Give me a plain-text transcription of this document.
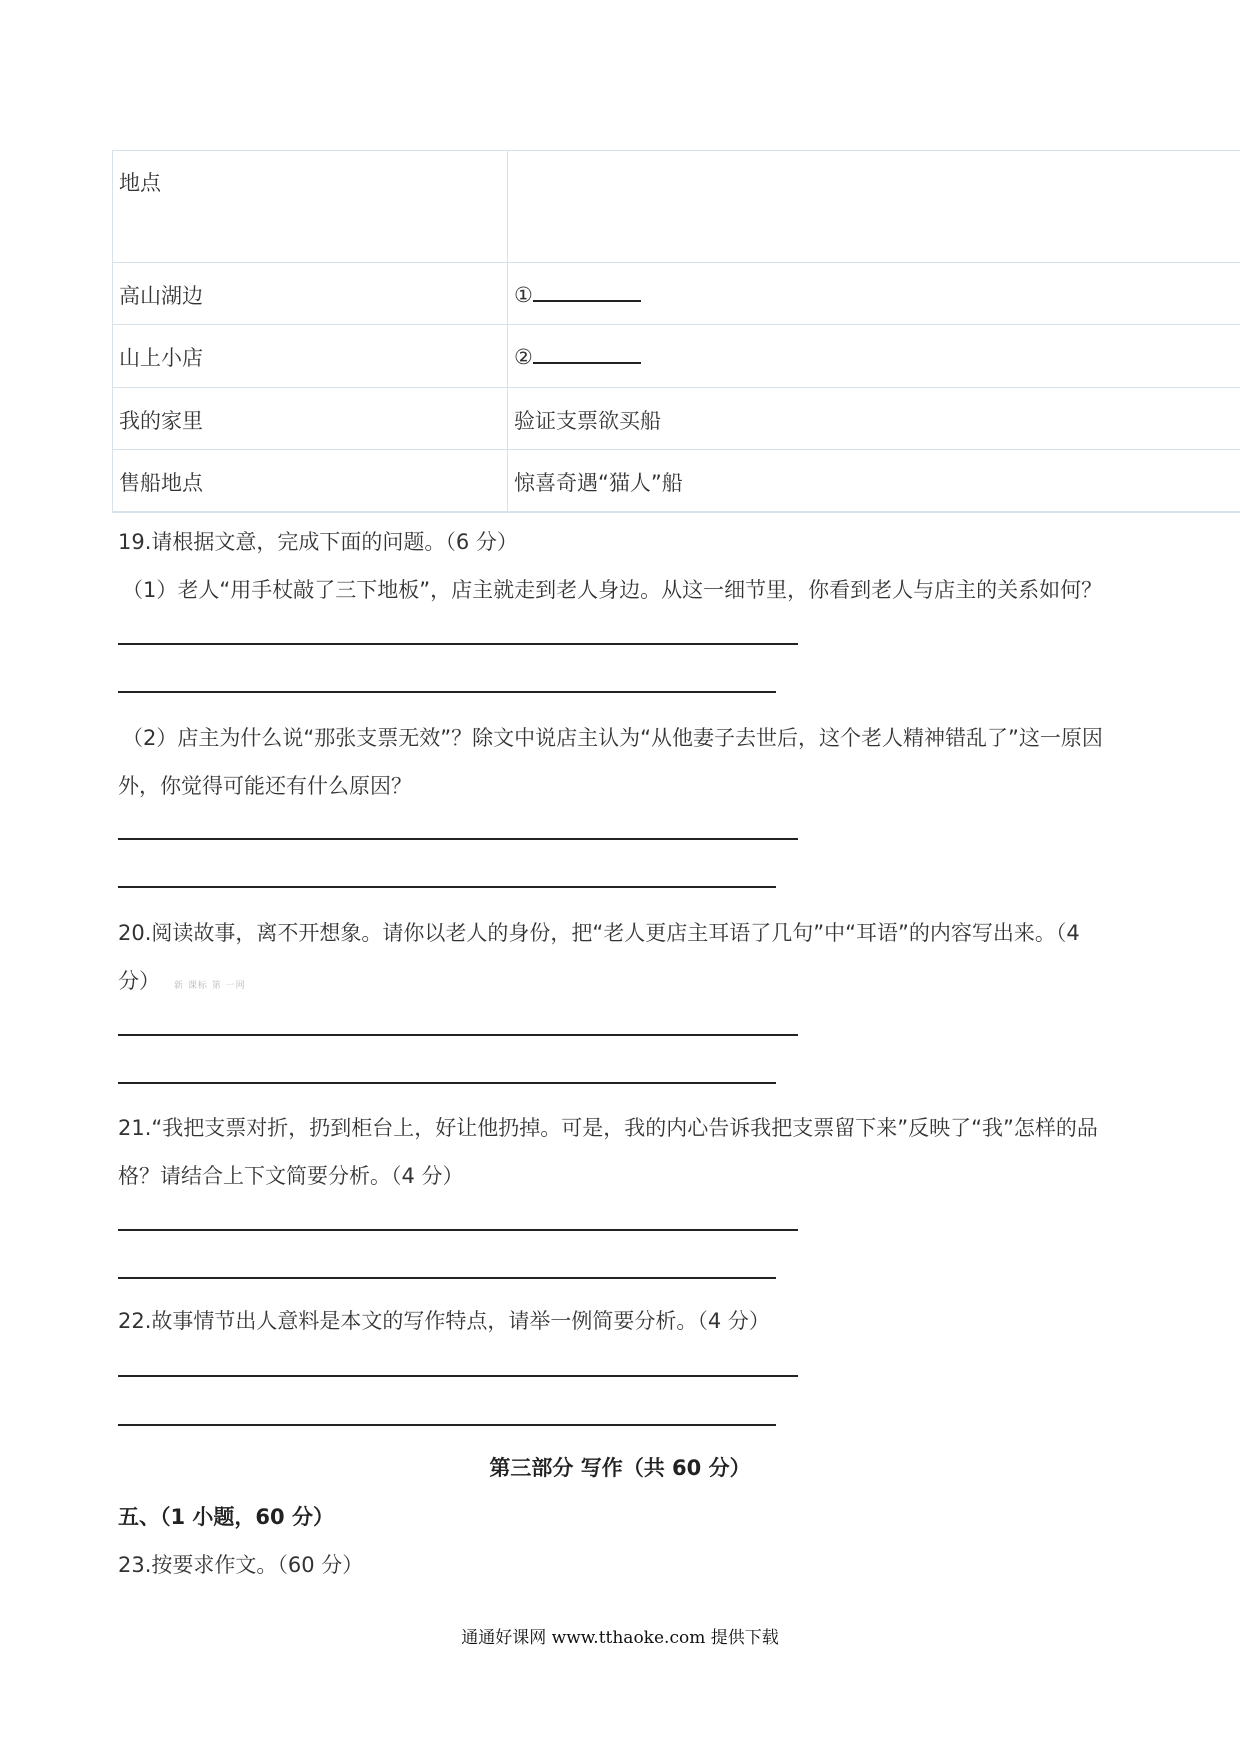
地点
高山湖边	①
山上小店	②
我的家里	验证支票欲买船
售船地点	惊喜奇遇“猫人”船
19.请根据文意，完成下面的问题。（6 分）
（1）老人“用手杖敲了三下地板”，店主就走到老人身边。从这一细节里，你看到老人与店主的关系如何？
（2）店主为什么说“那张支票无效”？除文中说店主认为“从他妻子去世后，这个老人精神错乱了”这一原因
外，你觉得可能还有什么原因？
20.阅读故事，离不开想象。请你以老人的身份，把“老人更店主耳语了几句”中“耳语”的内容写出来。（4
分） 新 课标 第 一网
21.“我把支票对折，扔到柜台上，好让他扔掉。可是，我的内心告诉我把支票留下来”反映了“我”怎样的品
格？请结合上下文简要分析。（4 分）
22.故事情节出人意料是本文的写作特点，请举一例简要分析。（4 分）
第三部分 写作（共 60 分）
五、（1 小题，60 分）
23.按要求作文。（60 分）
通通好课网 www.tthaoke.com 提供下载
